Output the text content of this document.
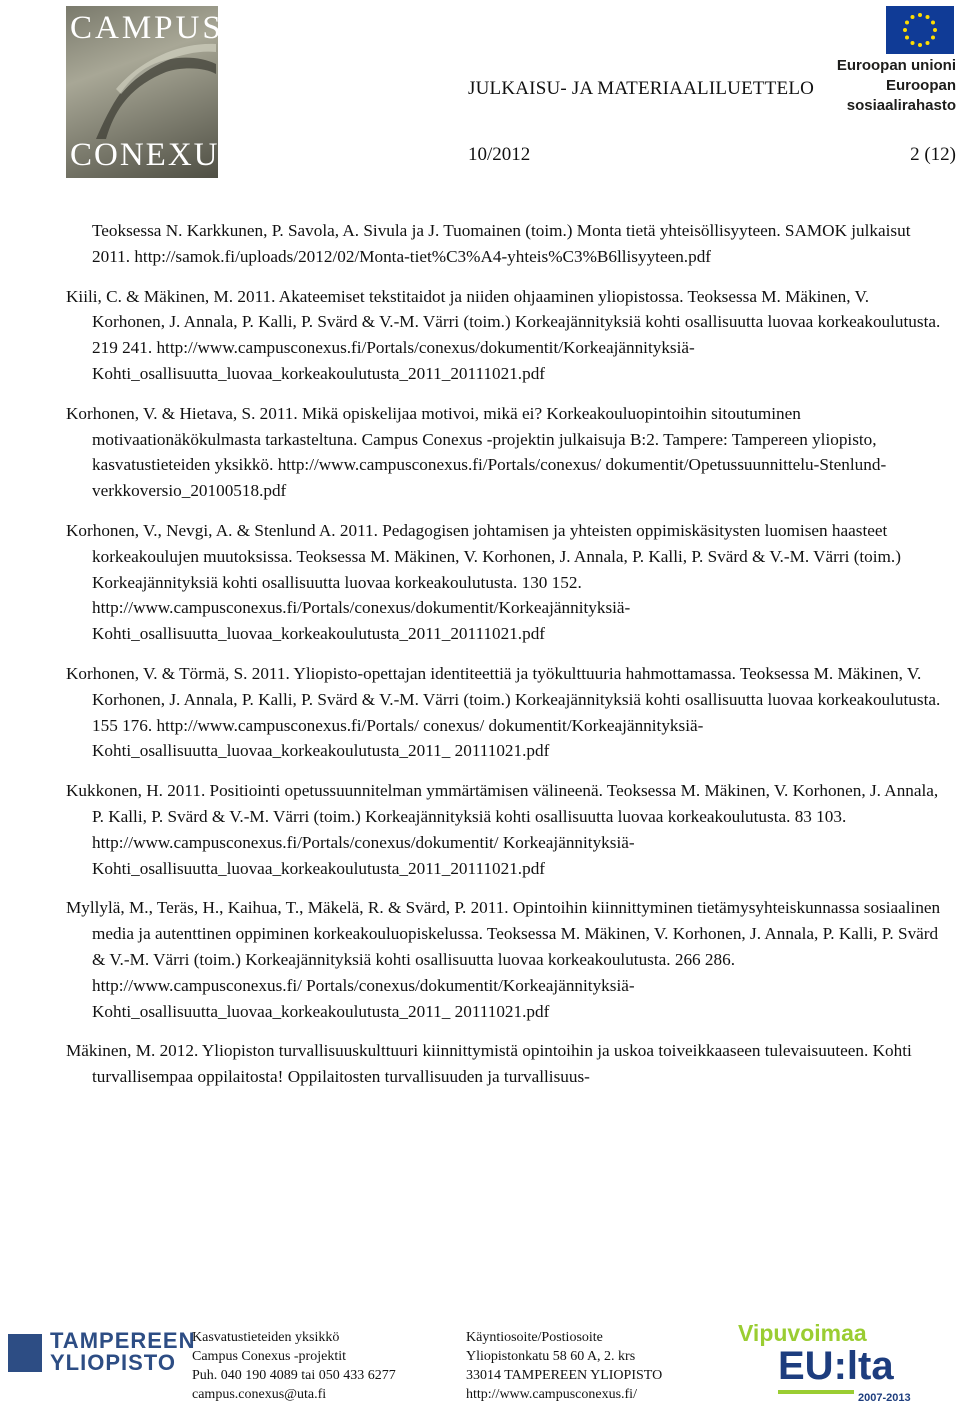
CAMPUS
CONEXUS
Euroopan unioni
Euroopan sosiaalirahasto
JULKAISU- JA MATERIAALILUETTELO
10/2012	2 (12)
Teoksessa N. Karkkunen, P. Savola, A. Sivula ja J. Tuomainen (toim.) Monta tietä yhteisöllisyyteen. SAMOK julkaisut 2011. http://samok.fi/uploads/2012/02/Monta-tiet%C3%A4-yhteis%C3%B6llisyyteen.pdf
Kiili, C. & Mäkinen, M. 2011. Akateemiset tekstitaidot ja niiden ohjaaminen yliopistossa. Teoksessa M. Mäkinen, V. Korhonen, J. Annala, P. Kalli, P. Svärd & V.-M. Värri (toim.) Korkeajännityksiä kohti osallisuutta luovaa korkeakoulutusta. 219 241. http://www.campusconexus.fi/Portals/conexus/dokumentit/Korkeajännityksiä-Kohti_osallisuutta_luovaa_korkeakoulutusta_2011_20111021.pdf
Korhonen, V. & Hietava, S. 2011. Mikä opiskelijaa motivoi, mikä ei? Korkeakouluopintoihin sitoutuminen motivaationäkökulmasta tarkasteltuna. Campus Conexus -projektin julkaisuja B:2. Tampere: Tampereen yliopisto, kasvatustieteiden yksikkö. http://www.campusconexus.fi/Portals/conexus/ dokumentit/Opetussuunnittelu-Stenlund-verkkoversio_20100518.pdf
Korhonen, V., Nevgi, A. & Stenlund A. 2011. Pedagogisen johtamisen ja yhteisten oppimiskäsitysten luomisen haasteet korkeakoulujen muutoksissa. Teoksessa M. Mäkinen, V. Korhonen, J. Annala, P. Kalli, P. Svärd & V.-M. Värri (toim.) Korkeajännityksiä kohti osallisuutta luovaa korkeakoulutusta. 130 152. http://www.campusconexus.fi/Portals/conexus/dokumentit/Korkeajännityksiä-Kohti_osallisuutta_luovaa_korkeakoulutusta_2011_20111021.pdf
Korhonen, V. & Törmä, S. 2011. Yliopisto-opettajan identiteettiä ja työkulttuuria hahmottamassa. Teoksessa M. Mäkinen, V. Korhonen, J. Annala, P. Kalli, P. Svärd & V.-M. Värri (toim.) Korkeajännityksiä kohti osallisuutta luovaa korkeakoulutusta. 155 176. http://www.campusconexus.fi/Portals/ conexus/ dokumentit/Korkeajännityksiä-Kohti_osallisuutta_luovaa_korkeakoulutusta_2011_ 20111021.pdf
Kukkonen, H. 2011. Positiointi opetussuunnitelman ymmärtämisen välineenä. Teoksessa M. Mäkinen, V. Korhonen, J. Annala, P. Kalli, P. Svärd & V.-M. Värri (toim.) Korkeajännityksiä kohti osallisuutta luovaa korkeakoulutusta. 83 103. http://www.campusconexus.fi/Portals/conexus/dokumentit/ Korkeajännityksiä-Kohti_osallisuutta_luovaa_korkeakoulutusta_2011_20111021.pdf
Myllylä, M., Teräs, H., Kaihua, T., Mäkelä, R. & Svärd, P. 2011. Opintoihin kiinnittyminen tietämysyhteiskunnassa sosiaalinen media ja autenttinen oppiminen korkeakouluopiskelussa. Teoksessa M. Mäkinen, V. Korhonen, J. Annala, P. Kalli, P. Svärd & V.-M. Värri (toim.) Korkeajännityksiä kohti osallisuutta luovaa korkeakoulutusta. 266 286. http://www.campusconexus.fi/ Portals/conexus/dokumentit/Korkeajännityksiä-Kohti_osallisuutta_luovaa_korkeakoulutusta_2011_ 20111021.pdf
Mäkinen, M. 2012. Yliopiston turvallisuuskulttuuri kiinnittymistä opintoihin ja uskoa toiveikkaaseen tulevaisuuteen. Kohti turvallisempaa oppilaitosta! Oppilaitosten turvallisuuden ja turvallisuus-
TAMPEREEN
YLIOPISTO
Kasvatustieteiden yksikkö
Campus Conexus -projektit
Puh. 040 190 4089 tai 050 433 6277
campus.conexus@uta.fi
Käyntiosoite/Postiosoite
Yliopistonkatu 58 60 A, 2. krs
33014 TAMPEREEN YLIOPISTO
http://www.campusconexus.fi/
Vipuvoimaa
EU:lta
2007-2013
